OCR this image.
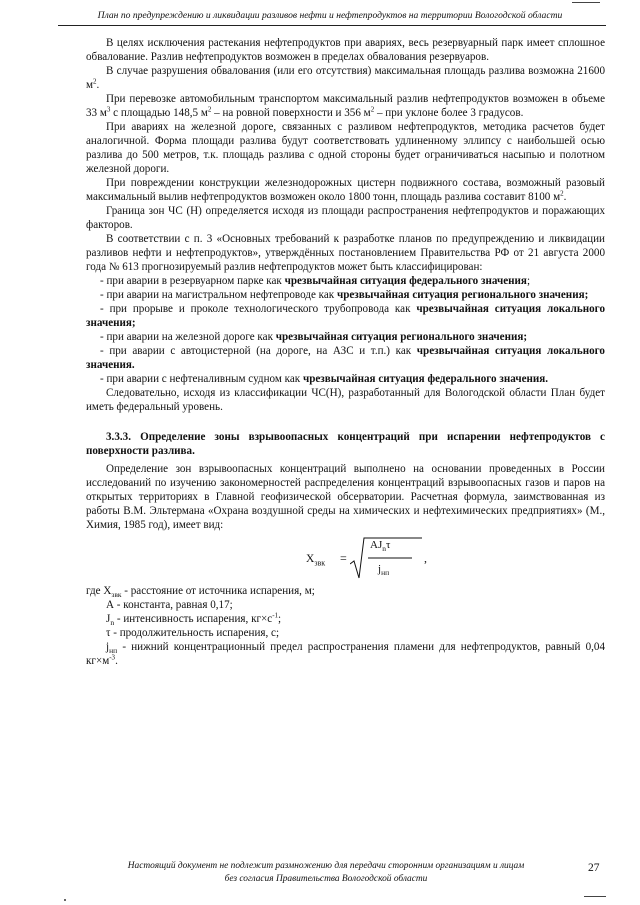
План по предупреждению и ликвидации разливов нефти и нефтепродуктов на территории Вологодской области

В целях исключения растекания нефтепродуктов при авариях, весь резервуарный парк имеет сплошное обвалование. Разлив нефтепродуктов возможен в пределах обвалования резервуаров.

В случае разрушения обвалования (или его отсутствия) максимальная площадь разлива возможна 21600 $м^2$.

При перевозке автомобильным транспортом максимальный разлив нефтепродуктов возможен в объеме 33 $м^3$ с площадью 148,5 $м^2$ – на ровной поверхности и 356 $м^2$ – при уклоне более 3 градусов.

При авариях на железной дороге, связанных с разливом нефтепродуктов, методика расчетов будет аналогичной. Форма площади разлива будут соответствовать удлиненному эллипсу с наибольшей осью разлива до 500 метров, т.к. площадь разлива с одной стороны будет ограничиваться насыпью и полотном железной дороги.

При повреждении конструкции железнодорожных цистерн подвижного состава, возможный разовый максимальный вылив нефтепродуктов возможен около 1800 тонн, площадь разлива составит 8100 $м^2$.

Граница зон ЧС (Н) определяется исходя из площади распространения нефтепродуктов и поражающих факторов.

В соответствии с п. 3 «Основных требований к разработке планов по предупреждению и ликвидации разливов нефти и нефтепродуктов», утверждённых постановлением Правительства РФ от 21 августа 2000 года № 613 прогнозируемый разлив нефтепродуктов может быть классифицирован:

- при аварии в резервуарном парке как чрезвычайная ситуация федерального значения;

- при аварии на магистральном нефтепроводе как чрезвычайная ситуация регионального значения;

- при прорыве и проколе технологического трубопровода как чрезвычайная ситуация локального значения;

- при аварии на железной дороге как чрезвычайная ситуация регионального значения;

- при аварии с автоцистерной (на дороге, на АЗС и т.п.) как чрезвычайная ситуация локального значения.

- при аварии с нефтеналивным судном как чрезвычайная ситуация федерального значения.

Следовательно, исходя из классификации ЧС(Н), разработанный для Вологодской области План будет иметь федеральный уровень.

3.3.3. Определение зоны взрывоопасных концентраций при испарении нефтепродуктов с поверхности разлива.

Определение зон взрывоопасных концентраций выполнено на основании проведенных в России исследований по изучению закономерностей распределения концентраций взрывоопасных газов и паров на открытых территориях в Главной геофизической обсерватории. Расчетная формула, заимствованная из работы В.М. Эльтермана «Охрана воздушной среды на химических и нефтехимических предприятиях» (М., Химия, 1985 год), имеет вид:

$X_{звк}$ =
$AJ_n\tau$
$j_{нп}$
,

где $X_{звк}$ - расстояние от источника испарения, м;

А - константа, равная 0,17;

$J_n$ - интенсивность испарения, $кг\times с^{-1}$;

τ - продолжительность испарения, с;

$j_{нп}$ - нижний концентрационный предел распространения пламени для нефтепродуктов, равный 0,04 $кг\times м^{-3}$.

Настоящий документ не подлежит размножению для передачи сторонним организациям и лицам
без согласия Правительства Вологодской области
27
